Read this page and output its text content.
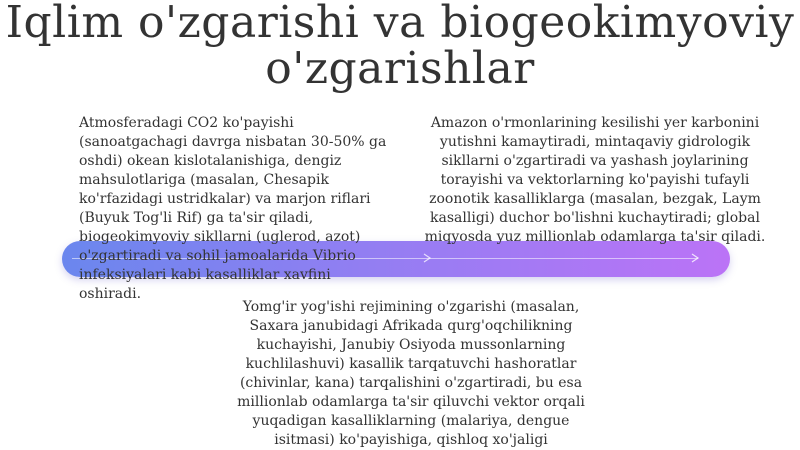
Iqlim o'zgarishi va biogeokimyoviy o'zgarishlar

Atmosferadagi CO2 ko'payishi (sanoatgachagi davrga nisbatan 30-50% ga oshdi) okean kislotalanishiga, dengiz mahsulotlariga (masalan, Chesapik ko'rfazidagi ustridkalar) va marjon riflari (Buyuk Tog'li Rif) ga ta'sir qiladi, biogeokimyoviy sikllarni (uglerod, azot) o'zgartiradi va sohil jamoalarida Vibrio infeksiyalari kabi kasalliklar xavfini oshiradi.

Amazon o'rmonlarining kesilishi yer karbonini yutishni kamaytiradi, mintaqaviy gidrologik sikllarni o'zgartiradi va yashash joylarining torayishi va vektorlarning ko'payishi tufayli zoonotik kasalliklarga (masalan, bezgak, Laym kasalligi) duchor bo'lishni kuchaytiradi; global miqyosda yuz millionlab odamlarga ta'sir qiladi.

Yomg'ir yog'ishi rejimining o'zgarishi (masalan, Saxara janubidagi Afrikada qurg'oqchilikning kuchayishi, Janubiy Osiyoda mussonlarning kuchlilashuvi) kasallik tarqatuvchi hashoratlar (chivinlar, kana) tarqalishini o'zgartiradi, bu esa millionlab odamlarga ta'sir qiluvchi vektor orqali yuqadigan kasalliklarning (malariya, dengue isitmasi) ko'payishiga, qishloq xo'jaligi
